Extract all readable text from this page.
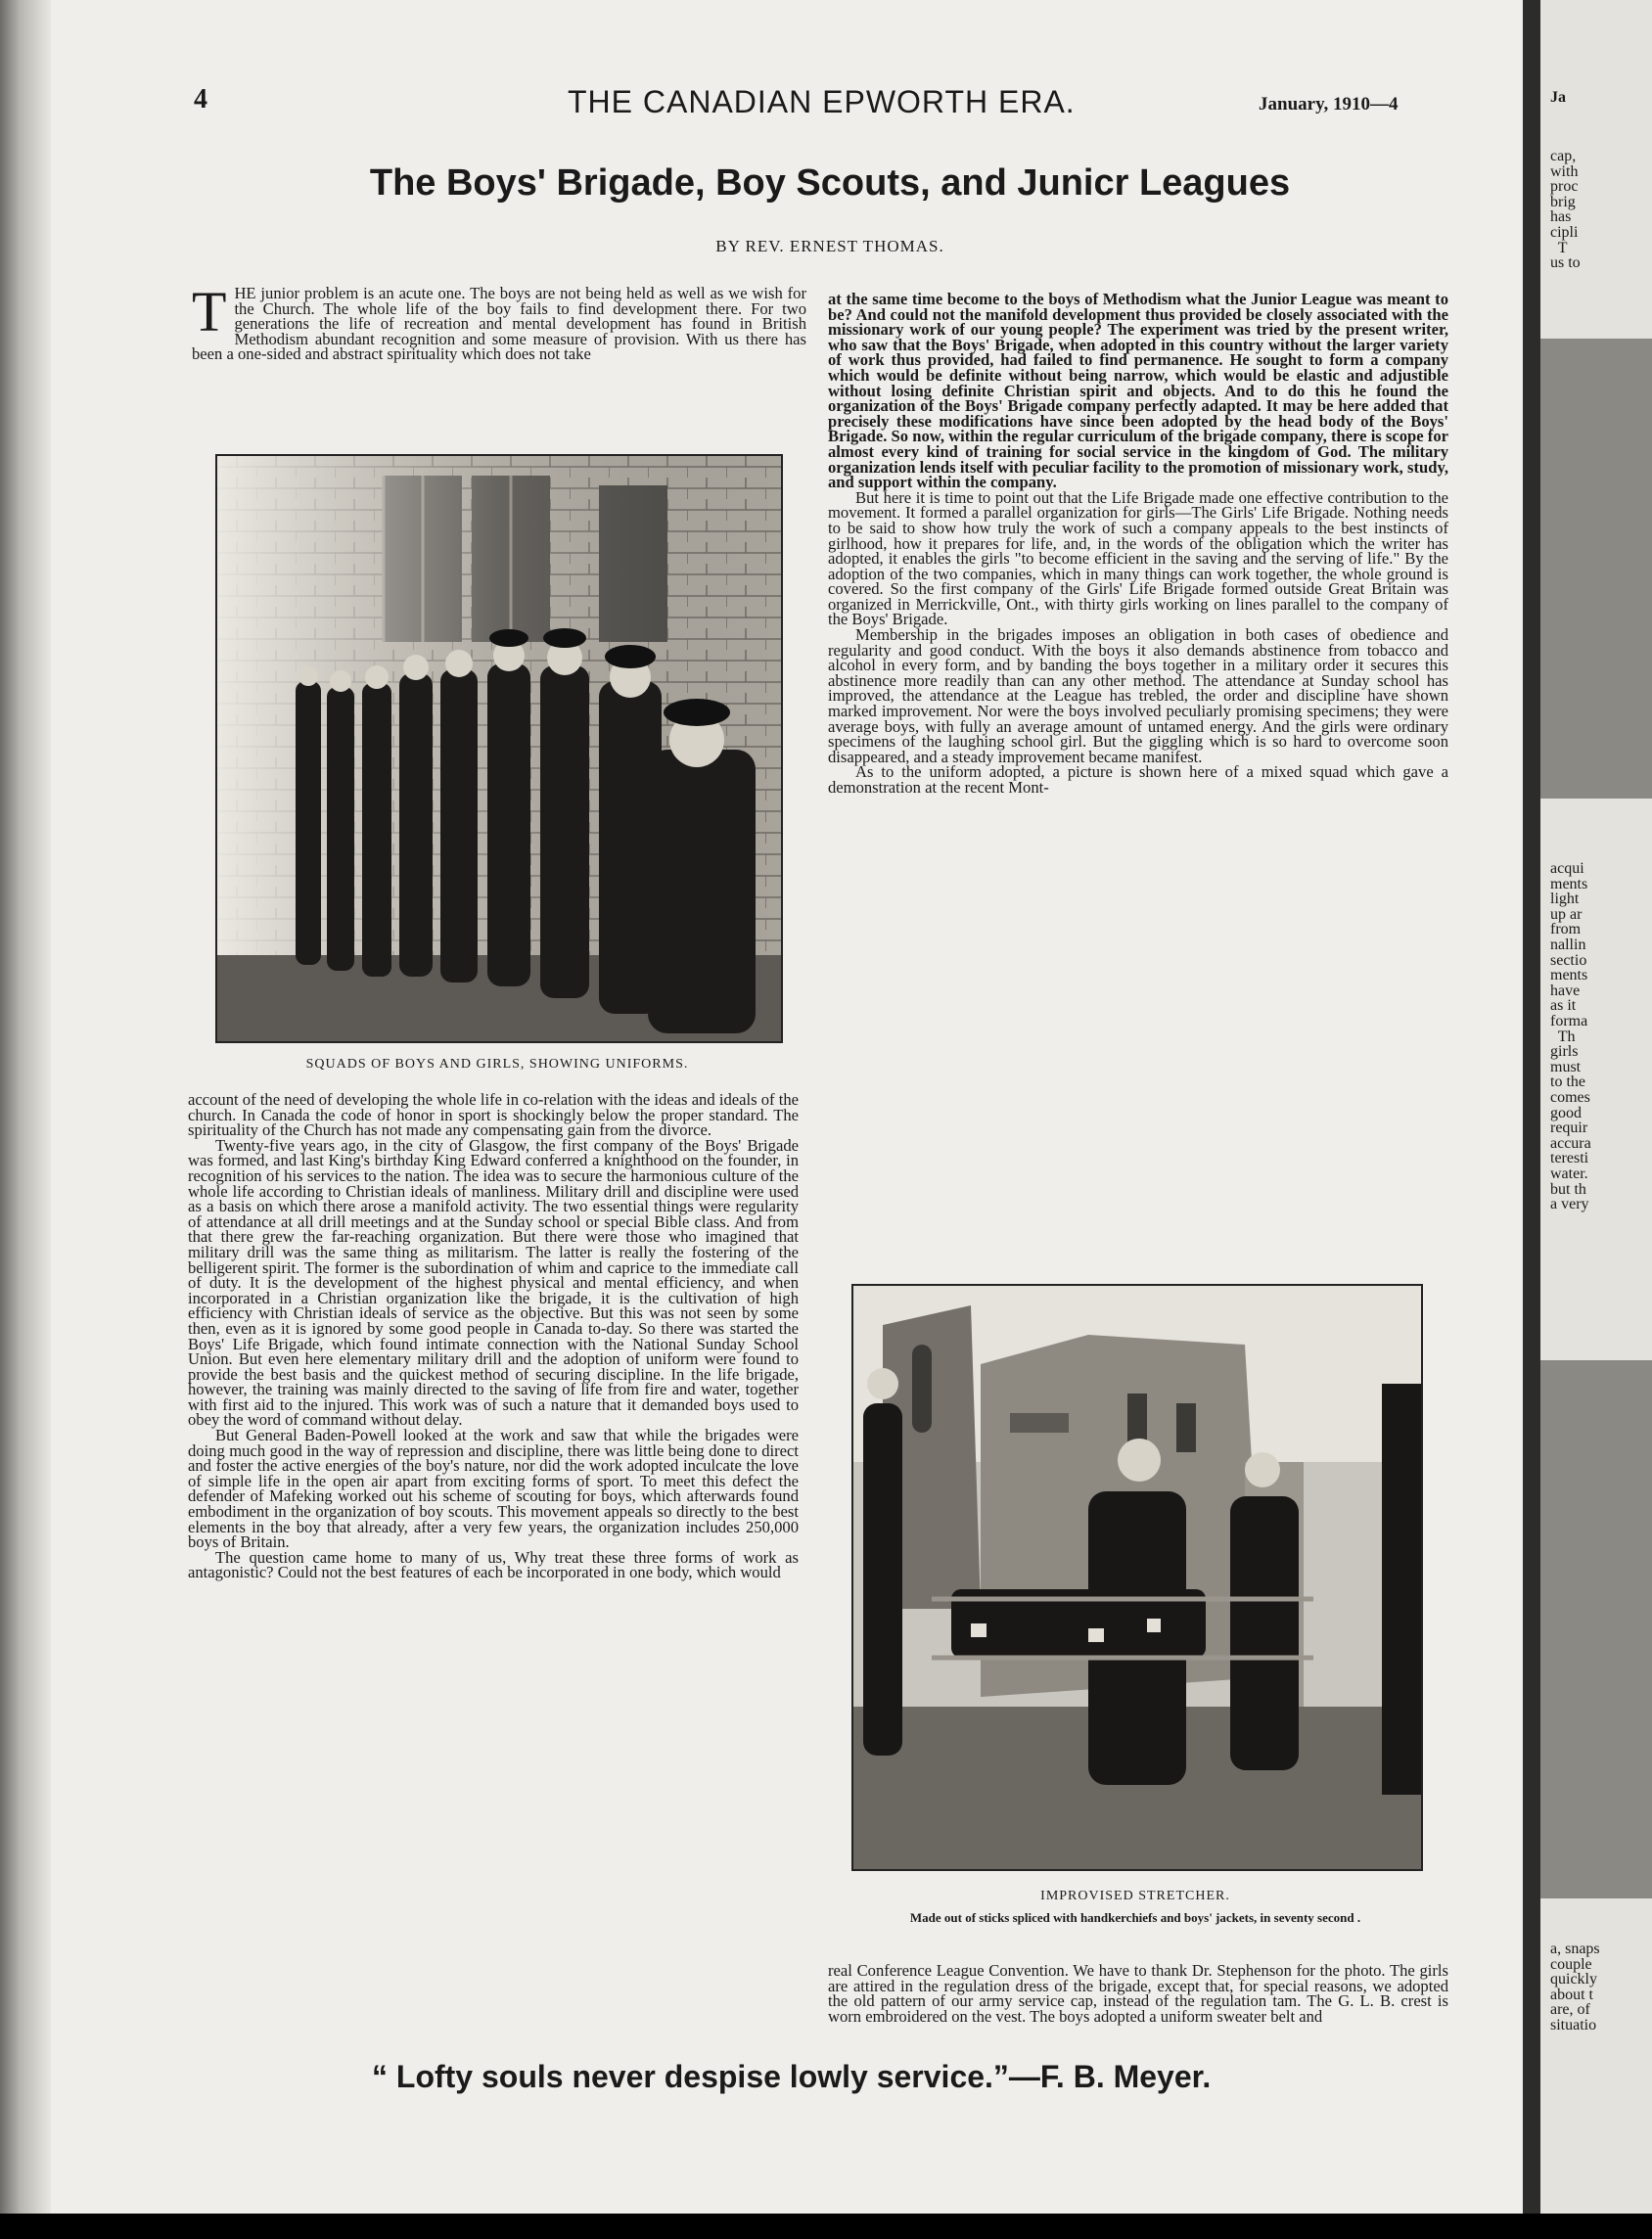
4	THE CANADIAN EPWORTH ERA.	January, 1910—4
The Boys' Brigade, Boy Scouts, and Junicr Leagues
BY REV. ERNEST THOMAS.

THE junior problem is an acute one. The boys are not being held as well as we wish for the Church. The whole life of the boy fails to find development there. For two generations the life of recreation and mental development has found in British Methodism abundant recognition and some measure of provision. With us there has been a one-sided and abstract spirituality which does not take

SQUADS OF BOYS AND GIRLS, SHOWING UNIFORMS.

account of the need of developing the whole life in co-relation with the ideas and ideals of the church. In Canada the code of honor in sport is shockingly below the proper standard. The spirituality of the Church has not made any compensating gain from the divorce.

Twenty-five years ago, in the city of Glasgow, the first company of the Boys' Brigade was formed, and last King's birthday King Edward conferred a knighthood on the founder, in recognition of his services to the nation. The idea was to secure the harmonious culture of the whole life according to Christian ideals of manliness. Military drill and discipline were used as a basis on which there arose a manifold activity. The two essential things were regularity of attendance at all drill meetings and at the Sunday school or special Bible class. And from that there grew the far-reaching organization. But there were those who imagined that military drill was the same thing as militarism. The latter is really the fostering of the belligerent spirit. The former is the subordination of whim and caprice to the immediate call of duty. It is the development of the highest physical and mental efficiency, and when incorporated in a Christian organization like the brigade, it is the cultivation of high efficiency with Christian ideals of service as the objective. But this was not seen by some then, even as it is ignored by some good people in Canada to-day. So there was started the Boys' Life Brigade, which found intimate connection with the National Sunday School Union. But even here elementary military drill and the adoption of uniform were found to provide the best basis and the quickest method of securing discipline. In the life brigade, however, the training was mainly directed to the saving of life from fire and water, together with first aid to the injured. This work was of such a nature that it demanded boys used to obey the word of command without delay.

But General Baden-Powell looked at the work and saw that while the brigades were doing much good in the way of repression and discipline, there was little being done to direct and foster the active energies of the boy's nature, nor did the work adopted inculcate the love of simple life in the open air apart from exciting forms of sport. To meet this defect the defender of Mafeking worked out his scheme of scouting for boys, which afterwards found embodiment in the organization of boy scouts. This movement appeals so directly to the best elements in the boy that already, after a very few years, the organization includes 250,000 boys of Britain.

The question came home to many of us, Why treat these three forms of work as antagonistic? Could not the best features of each be incorporated in one body, which would

at the same time become to the boys of Methodism what the Junior League was meant to be? And could not the manifold development thus provided be closely associated with the missionary work of our young people? The experiment was tried by the present writer, who saw that the Boys' Brigade, when adopted in this country without the larger variety of work thus provided, had failed to find permanence. He sought to form a company which would be definite without being narrow, which would be elastic and adjustible without losing definite Christian spirit and objects. And to do this he found the organization of the Boys' Brigade company perfectly adapted. It may be here added that precisely these modifications have since been adopted by the head body of the Boys' Brigade. So now, within the regular curriculum of the brigade company, there is scope for almost every kind of training for social service in the kingdom of God. The military organization lends itself with peculiar facility to the promotion of missionary work, study, and support within the company.

But here it is time to point out that the Life Brigade made one effective contribution to the movement. It formed a parallel organization for girls—The Girls' Life Brigade. Nothing needs to be said to show how truly the work of such a company appeals to the best instincts of girlhood, how it prepares for life, and, in the words of the obligation which the writer has adopted, it enables the girls "to become efficient in the saving and the serving of life." By the adoption of the two companies, which in many things can work together, the whole ground is covered. So the first company of the Girls' Life Brigade formed outside Great Britain was organized in Merrickville, Ont., with thirty girls working on lines parallel to the company of the Boys' Brigade.

Membership in the brigades imposes an obligation in both cases of obedience and regularity and good conduct. With the boys it also demands abstinence from tobacco and alcohol in every form, and by banding the boys together in a military order it secures this abstinence more readily than can any other method. The attendance at Sunday school has improved, the attendance at the League has trebled, the order and discipline have shown marked improvement. Nor were the boys involved peculiarly promising specimens; they were average boys, with fully an average amount of untamed energy. And the girls were ordinary specimens of the laughing school girl. But the giggling which is so hard to overcome soon disappeared, and a steady improvement became manifest.

As to the uniform adopted, a picture is shown here of a mixed squad which gave a demonstration at the recent Mont-

IMPROVISED STRETCHER.
Made out of sticks spliced with handkerchiefs and boys' jackets, in seventy second .

real Conference League Convention. We have to thank Dr. Stephenson for the photo. The girls are attired in the regulation dress of the brigade, except that, for special reasons, we adopted the old pattern of our army service cap, instead of the regulation tam. The G. L. B. crest is worn embroidered on the vest. The boys adopted a uniform sweater belt and

“ Lofty souls never despise lowly service.”—F. B. Meyer.
Ja
cap,
with
proc
brig
has
cipli
T
us to
acqui
ments
light
up ar
from
nallin
sectio
ments
have
as it
forma
Th
girls
must
to the
comes
good
requir
accura
teresti
water.
but th
a very
a, snaps
couple
quickly
about t
are, of
situatio
